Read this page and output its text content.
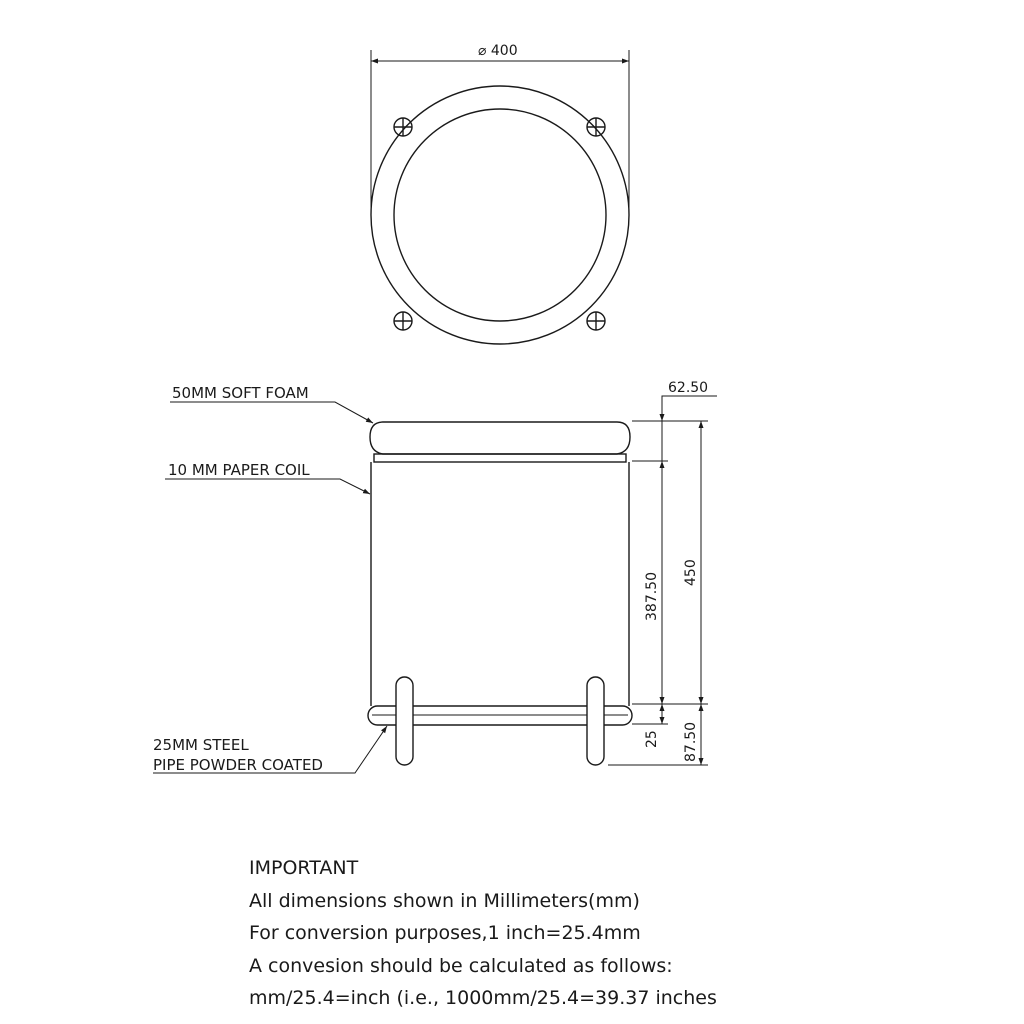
⌀ 400
50MM SOFT FOAM
10 MM PAPER COIL
25MM STEEL
PIPE POWDER COATED
62.50
387.50 450
25 87.50
IMPORTANT
All dimensions shown in Millimeters(mm)
For conversion purposes,1 inch=25.4mm
A convesion should be calculated as follows:
mm/25.4=inch (i.e., 1000mm/25.4=39.37 inches
